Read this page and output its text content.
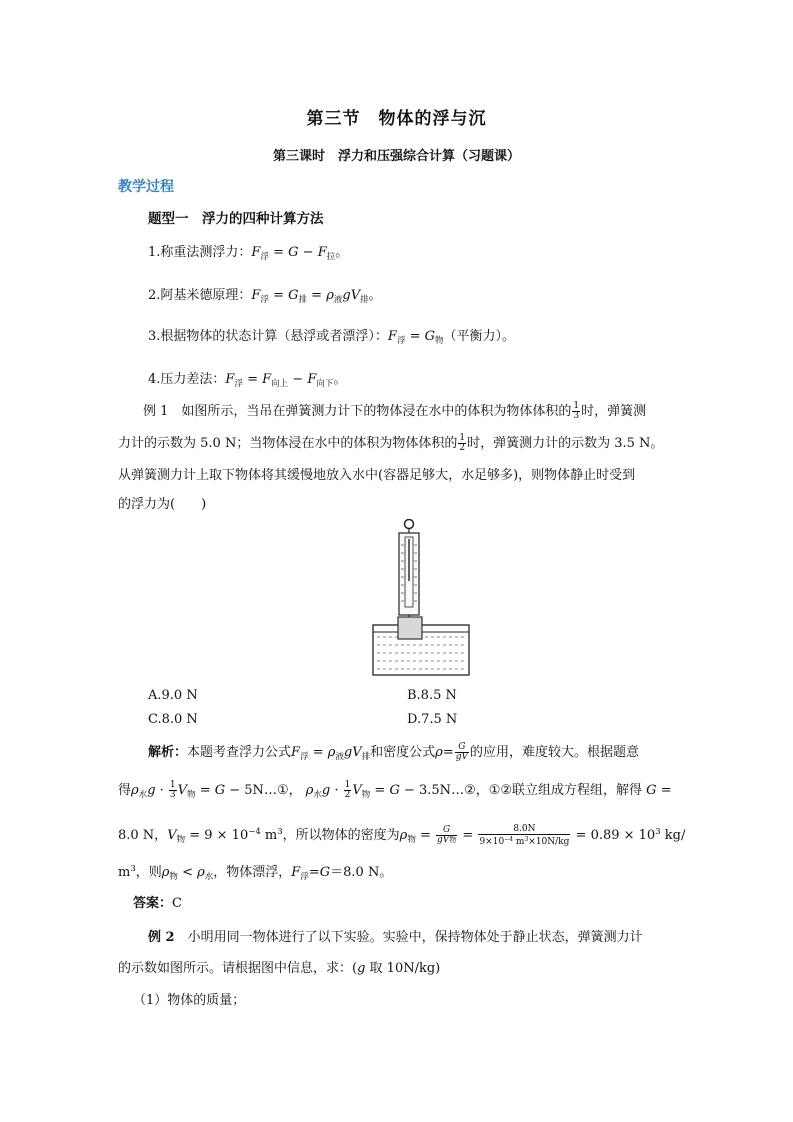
第三节　物体的浮与沉
第三课时　浮力和压强综合计算（习题课）
教学过程
题型一　浮力的四种计算方法
1.称重法测浮力：$F_浮 = G - F_拉$。
2.阿基米德原理：$F_浮 = G_排 = \rho_液gV_排$。
3.根据物体的状态计算（悬浮或者漂浮）：$F_浮 = G_物$（平衡力）。
4.压力差法：$F_浮 = F_{向上} - F_{向下}$。
例 1　如图所示，当吊在弹簧测力计下的物体浸在水中的体积为物体体积的 $\frac{1}{3}$ 时，弹簧测
力计的示数为 5.0 N；当物体浸在水中的体积为物体体积的 $\frac{1}{2}$ 时，弹簧测力计的示数为 3.5 N。
从弹簧测力计上取下物体将其缓慢地放入水中(容器足够大，水足够多)，则物体静止时受到
的浮力为(　　)
A.9.0 N	B.8.5 N
C.8.0 N	D.7.5 N
解析：本题考查浮力公式$F_浮 = \rho_液gV_排$和密度公式$\rho= \frac{G}{gV}$ 的应用，难度较大。根据题意
得$\rho_水g \cdot \frac{1}{3} V_物 = G$ − 5N…①， $\rho_水g \cdot \frac{1}{2} V_物 = G$ − 3.5N…②，①②联立组成方程组，解得 G =
8.0 N，$V_物 = 9 \times 10^{-4}$ $m^3$，所以物体的密度为$\rho_物 = \frac{G}{\text{gV物}} = \frac{8.0N}{9\times 10^{-4} m^3\times 10N/kg} = 0.89 \times 10^3$ kg/
$m^3$，则$\rho_物 < \rho_水$，物体漂浮，$F_浮=G=8.0$ N。
答案：C
例 2　小明用同一物体进行了以下实验。实验中，保持物体处于静止状态，弹簧测力计
的示数如图所示。请根据图中信息，求：(g 取 10N/kg)
（1）物体的质量；
